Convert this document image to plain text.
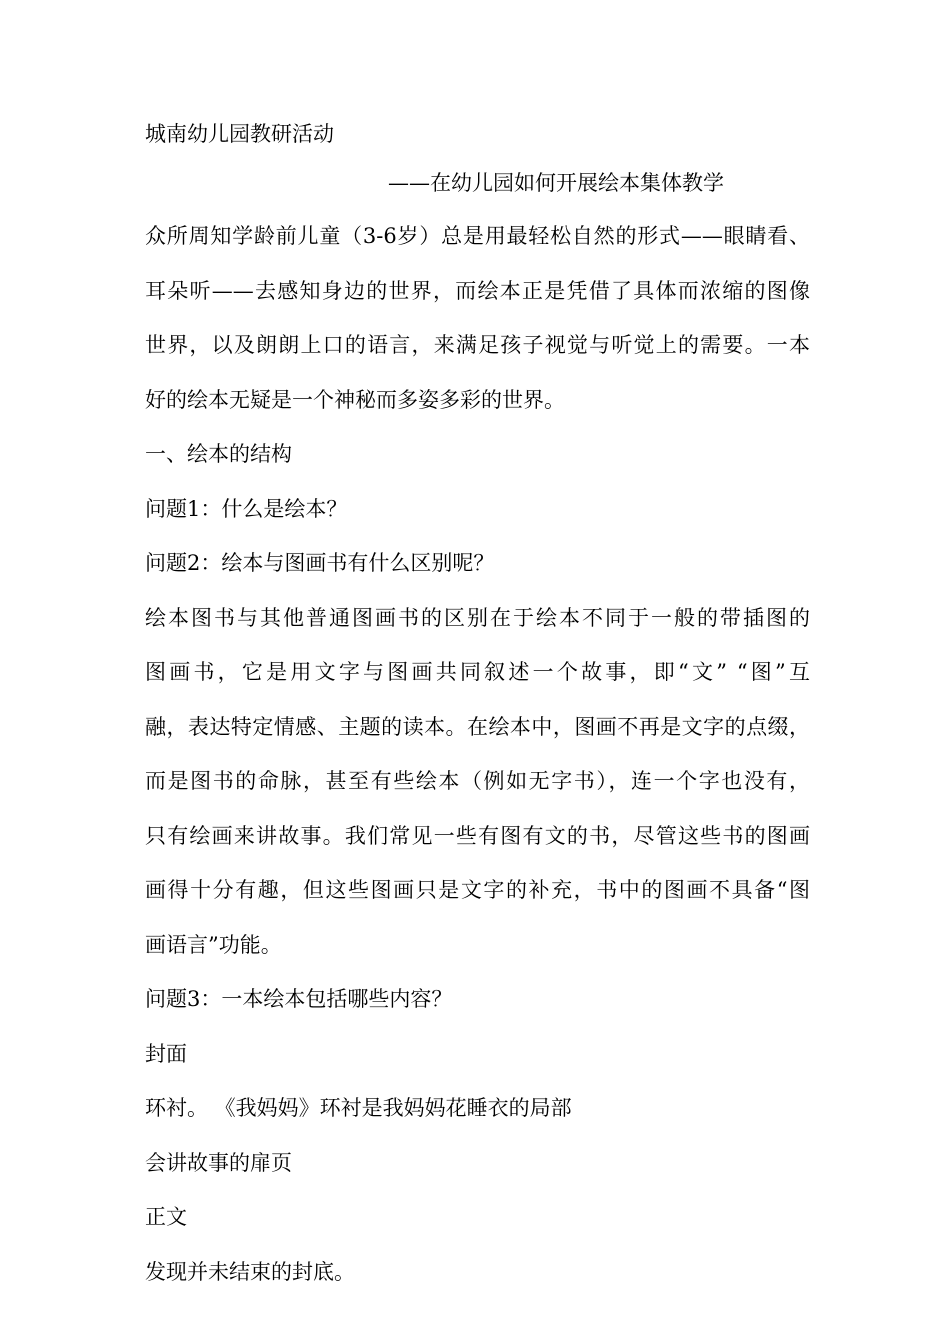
城南幼儿园教研活动
——在幼儿园如何开展绘本集体教学
众所周知学龄前儿童（3-6岁）总是用最轻松自然的形式——眼睛看、
耳朵听——去感知身边的世界，而绘本正是凭借了具体而浓缩的图像
世界，以及朗朗上口的语言，来满足孩子视觉与听觉上的需要。一本
好的绘本无疑是一个神秘而多姿多彩的世界。
一、绘本的结构
问题1：什么是绘本？
问题2：绘本与图画书有什么区别呢？
绘本图书与其他普通图画书的区别在于绘本不同于一般的带插图的
图画书，它是用文字与图画共同叙述一个故事，即“文” “图”互
融，表达特定情感、主题的读本。在绘本中，图画不再是文字的点缀，
而是图书的命脉，甚至有些绘本（例如无字书），连一个字也没有，
只有绘画来讲故事。我们常见一些有图有文的书，尽管这些书的图画
画得十分有趣，但这些图画只是文字的补充，书中的图画不具备“图
画语言”功能。
问题3：一本绘本包括哪些内容？
封面
环衬。 《我妈妈》环衬是我妈妈花睡衣的局部
会讲故事的扉页
正文
发现并未结束的封底。
